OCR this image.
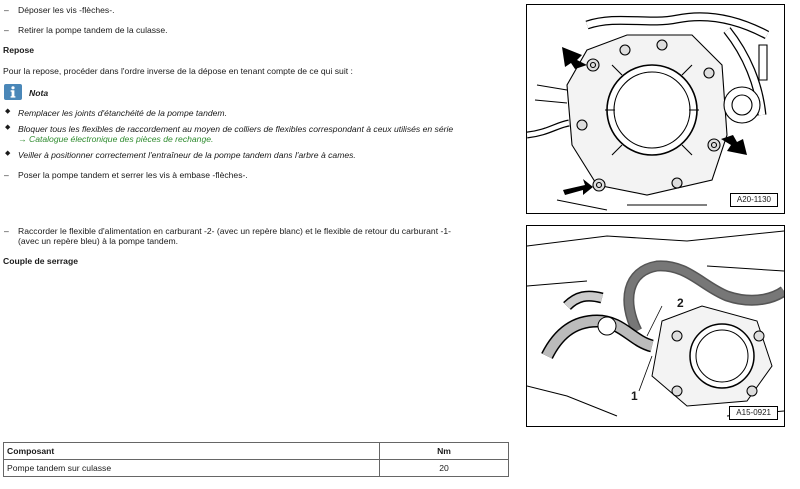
– Déposer les vis -flèches-.
– Retirer la pompe tandem de la culasse.
Repose
Pour la repose, procéder dans l'ordre inverse de la dépose en tenant compte de ce qui suit :
Nota
◆ Remplacer les joints d'étanchéité de la pompe tandem.
◆ Bloquer tous les flexibles de raccordement au moyen de colliers de flexibles correspondant à ceux utilisés en série
→ Catalogue électronique des pièces de rechange.
◆ Veiller à positionner correctement l'entraîneur de la pompe tandem dans l'arbre à cames.
– Poser la pompe tandem et serrer les vis à embase -flèches-.
– Raccorder le flexible d'alimentation en carburant -2- (avec un repère blanc) et le flexible de retour du carburant -1-
(avec un repère bleu) à la pompe tandem.
Couple de serrage
Composant	Nm
Pompe tandem sur culasse	20
A20-1130
2
1
A15-0921
